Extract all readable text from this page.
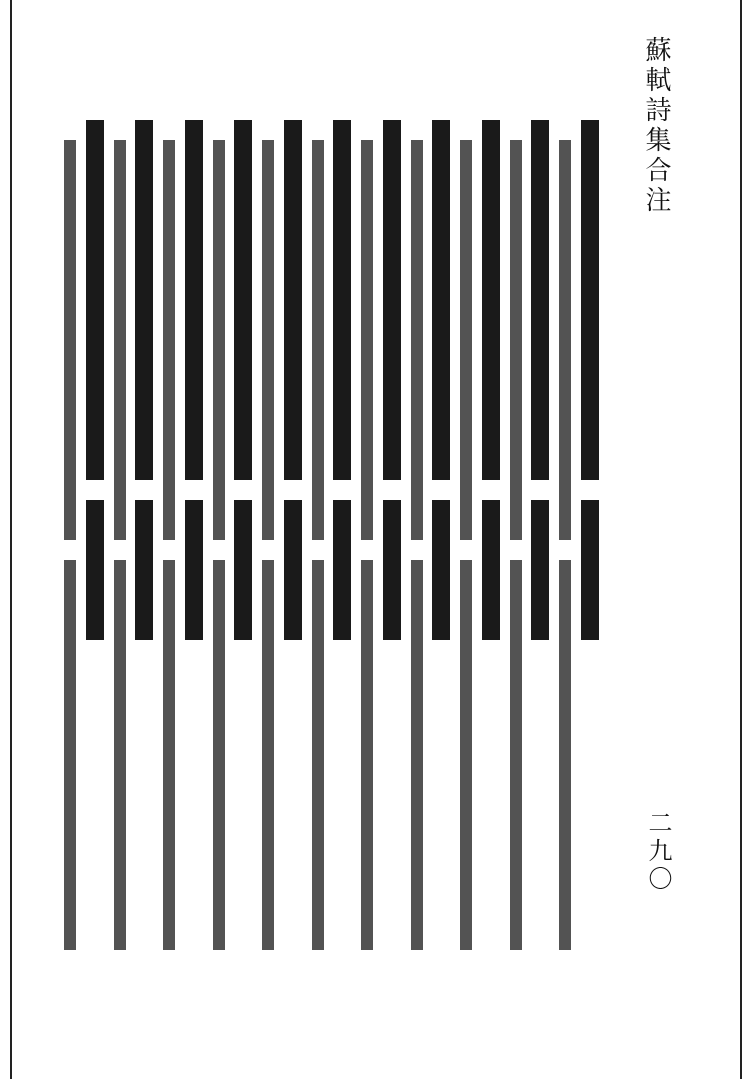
蘇軾詩集合注
二九〇
